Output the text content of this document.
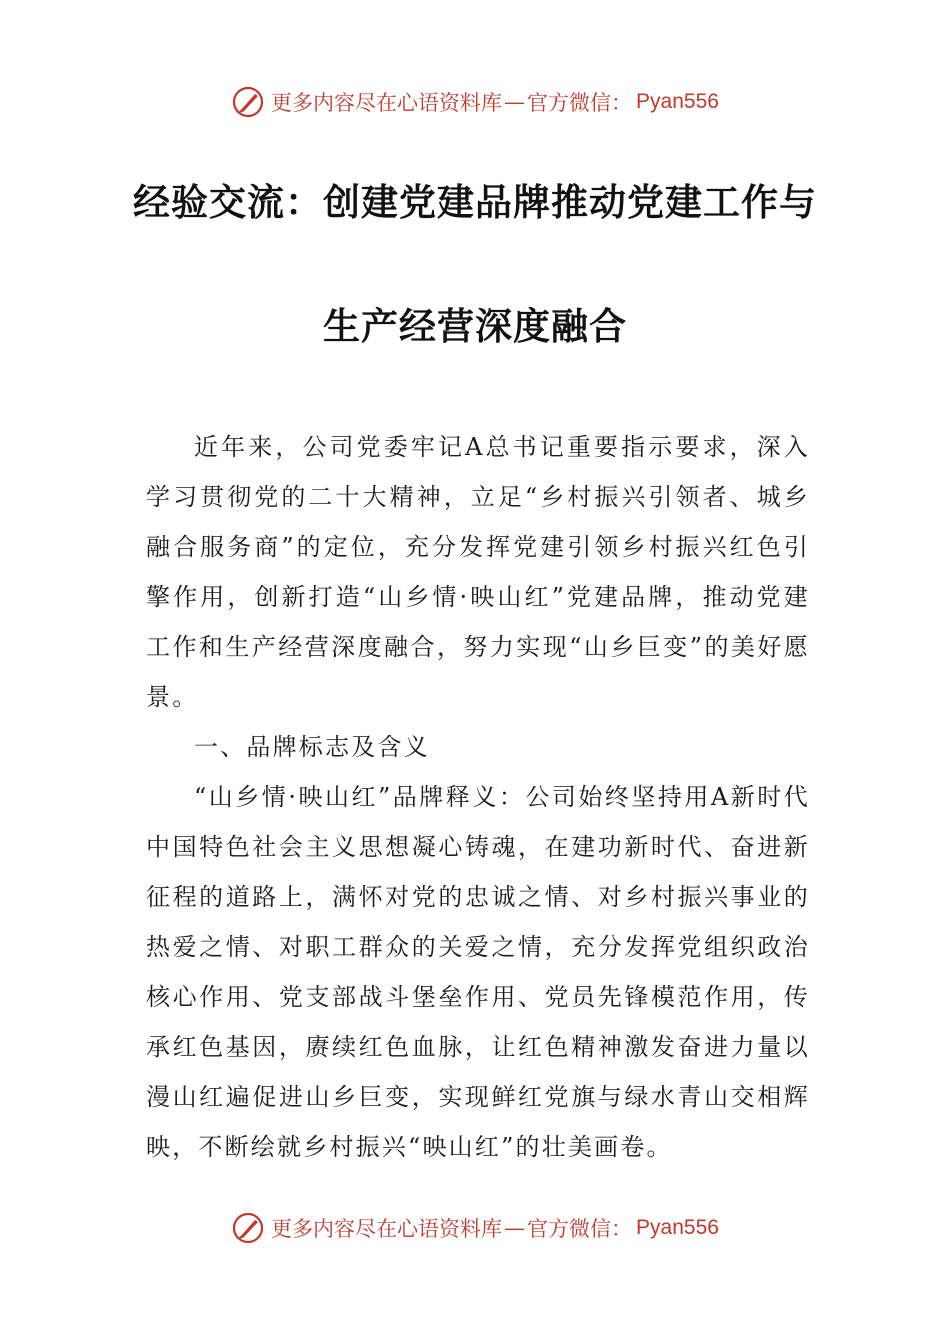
更多内容尽在心语资料库 — 官方微信： Pyan556
经验交流：创建党建品牌推动党建工作与
生产经营深度融合

近年来，公司党委牢记A总书记重要指示要求，深入学习贯彻党的二十大精神，立足“乡村振兴引领者、城乡融合服务商”的定位，充分发挥党建引领乡村振兴红色引擎作用，创新打造“山乡情·映山红”党建品牌，推动党建工作和生产经营深度融合，努力实现“山乡巨变”的美好愿景。

一、品牌标志及含义

“山乡情·映山红”品牌释义：公司始终坚持用A新时代中国特色社会主义思想凝心铸魂，在建功新时代、奋进新征程的道路上，满怀对党的忠诚之情、对乡村振兴事业的热爱之情、对职工群众的关爱之情，充分发挥党组织政治核心作用、党支部战斗堡垒作用、党员先锋模范作用，传承红色基因，赓续红色血脉，让红色精神激发奋进力量以漫山红遍促进山乡巨变，实现鲜红党旗与绿水青山交相辉映，不断绘就乡村振兴“映山红”的壮美画卷。

更多内容尽在心语资料库 — 官方微信： Pyan556
